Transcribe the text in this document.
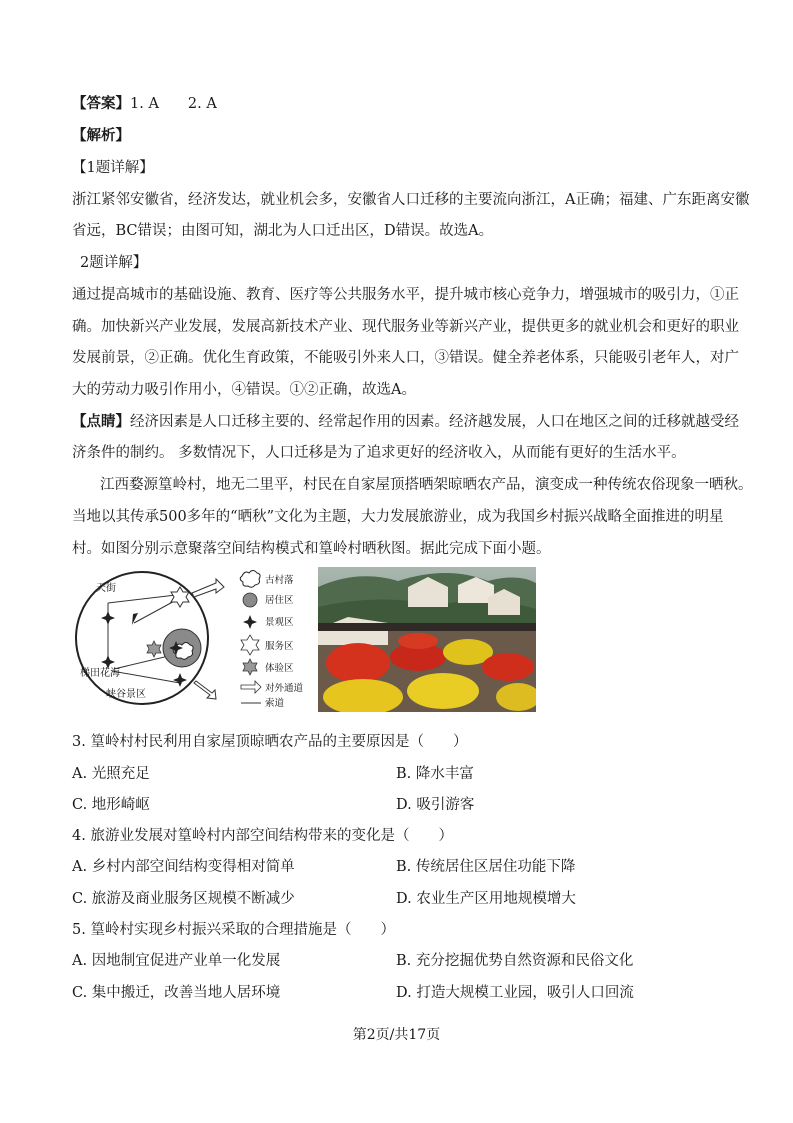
【答案】1. A　　2. A
【解析】
【1题详解】
浙江紧邻安徽省，经济发达，就业机会多，安徽省人口迁移的主要流向浙江，A正确；福建、广东距离安徽
省远，BC错误；由图可知，湖北为人口迁出区，D错误。故选A。
2题详解】
通过提高城市的基础设施、教育、医疗等公共服务水平，提升城市核心竞争力，增强城市的吸引力，①正
确。加快新兴产业发展，发展高新技术产业、现代服务业等新兴产业，提供更多的就业机会和更好的职业
发展前景，②正确。优化生育政策，不能吸引外来人口，③错误。健全养老体系，只能吸引老年人，对广
大的劳动力吸引作用小，④错误。①②正确，故选A。
【点睛】经济因素是人口迁移主要的、经常起作用的因素。经济越发展，人口在地区之间的迁移就越受经
济条件的制约。 多数情况下，人口迁移是为了追求更好的经济收入，从而能有更好的生活水平。
江西婺源篁岭村，地无二里平，村民在自家屋顶搭晒架晾晒农产品，演变成一种传统农俗现象一晒秋。
当地以其传承500多年的“晒秋”文化为主题，大力发展旅游业，成为我国乡村振兴战略全面推进的明星
村。如图分别示意聚落空间结构模式和篁岭村晒秋图。据此完成下面小题。
天街
梯田花海
峡谷景区
古村落
居住区
景观区
服务区
体验区
对外通道
索道
3. 篁岭村村民利用自家屋顶晾晒农产品的主要原因是（　　）
A. 光照充足	B. 降水丰富
C. 地形崎岖	D. 吸引游客
4. 旅游业发展对篁岭村内部空间结构带来的变化是（　　）
A. 乡村内部空间结构变得相对简单	B. 传统居住区居住功能下降
C. 旅游及商业服务区规模不断减少	D. 农业生产区用地规模增大
5. 篁岭村实现乡村振兴采取的合理措施是（　　）
A. 因地制宜促进产业单一化发展	B. 充分挖掘优势自然资源和民俗文化
C. 集中搬迁，改善当地人居环境	D. 打造大规模工业园，吸引人口回流
第2页/共17页
